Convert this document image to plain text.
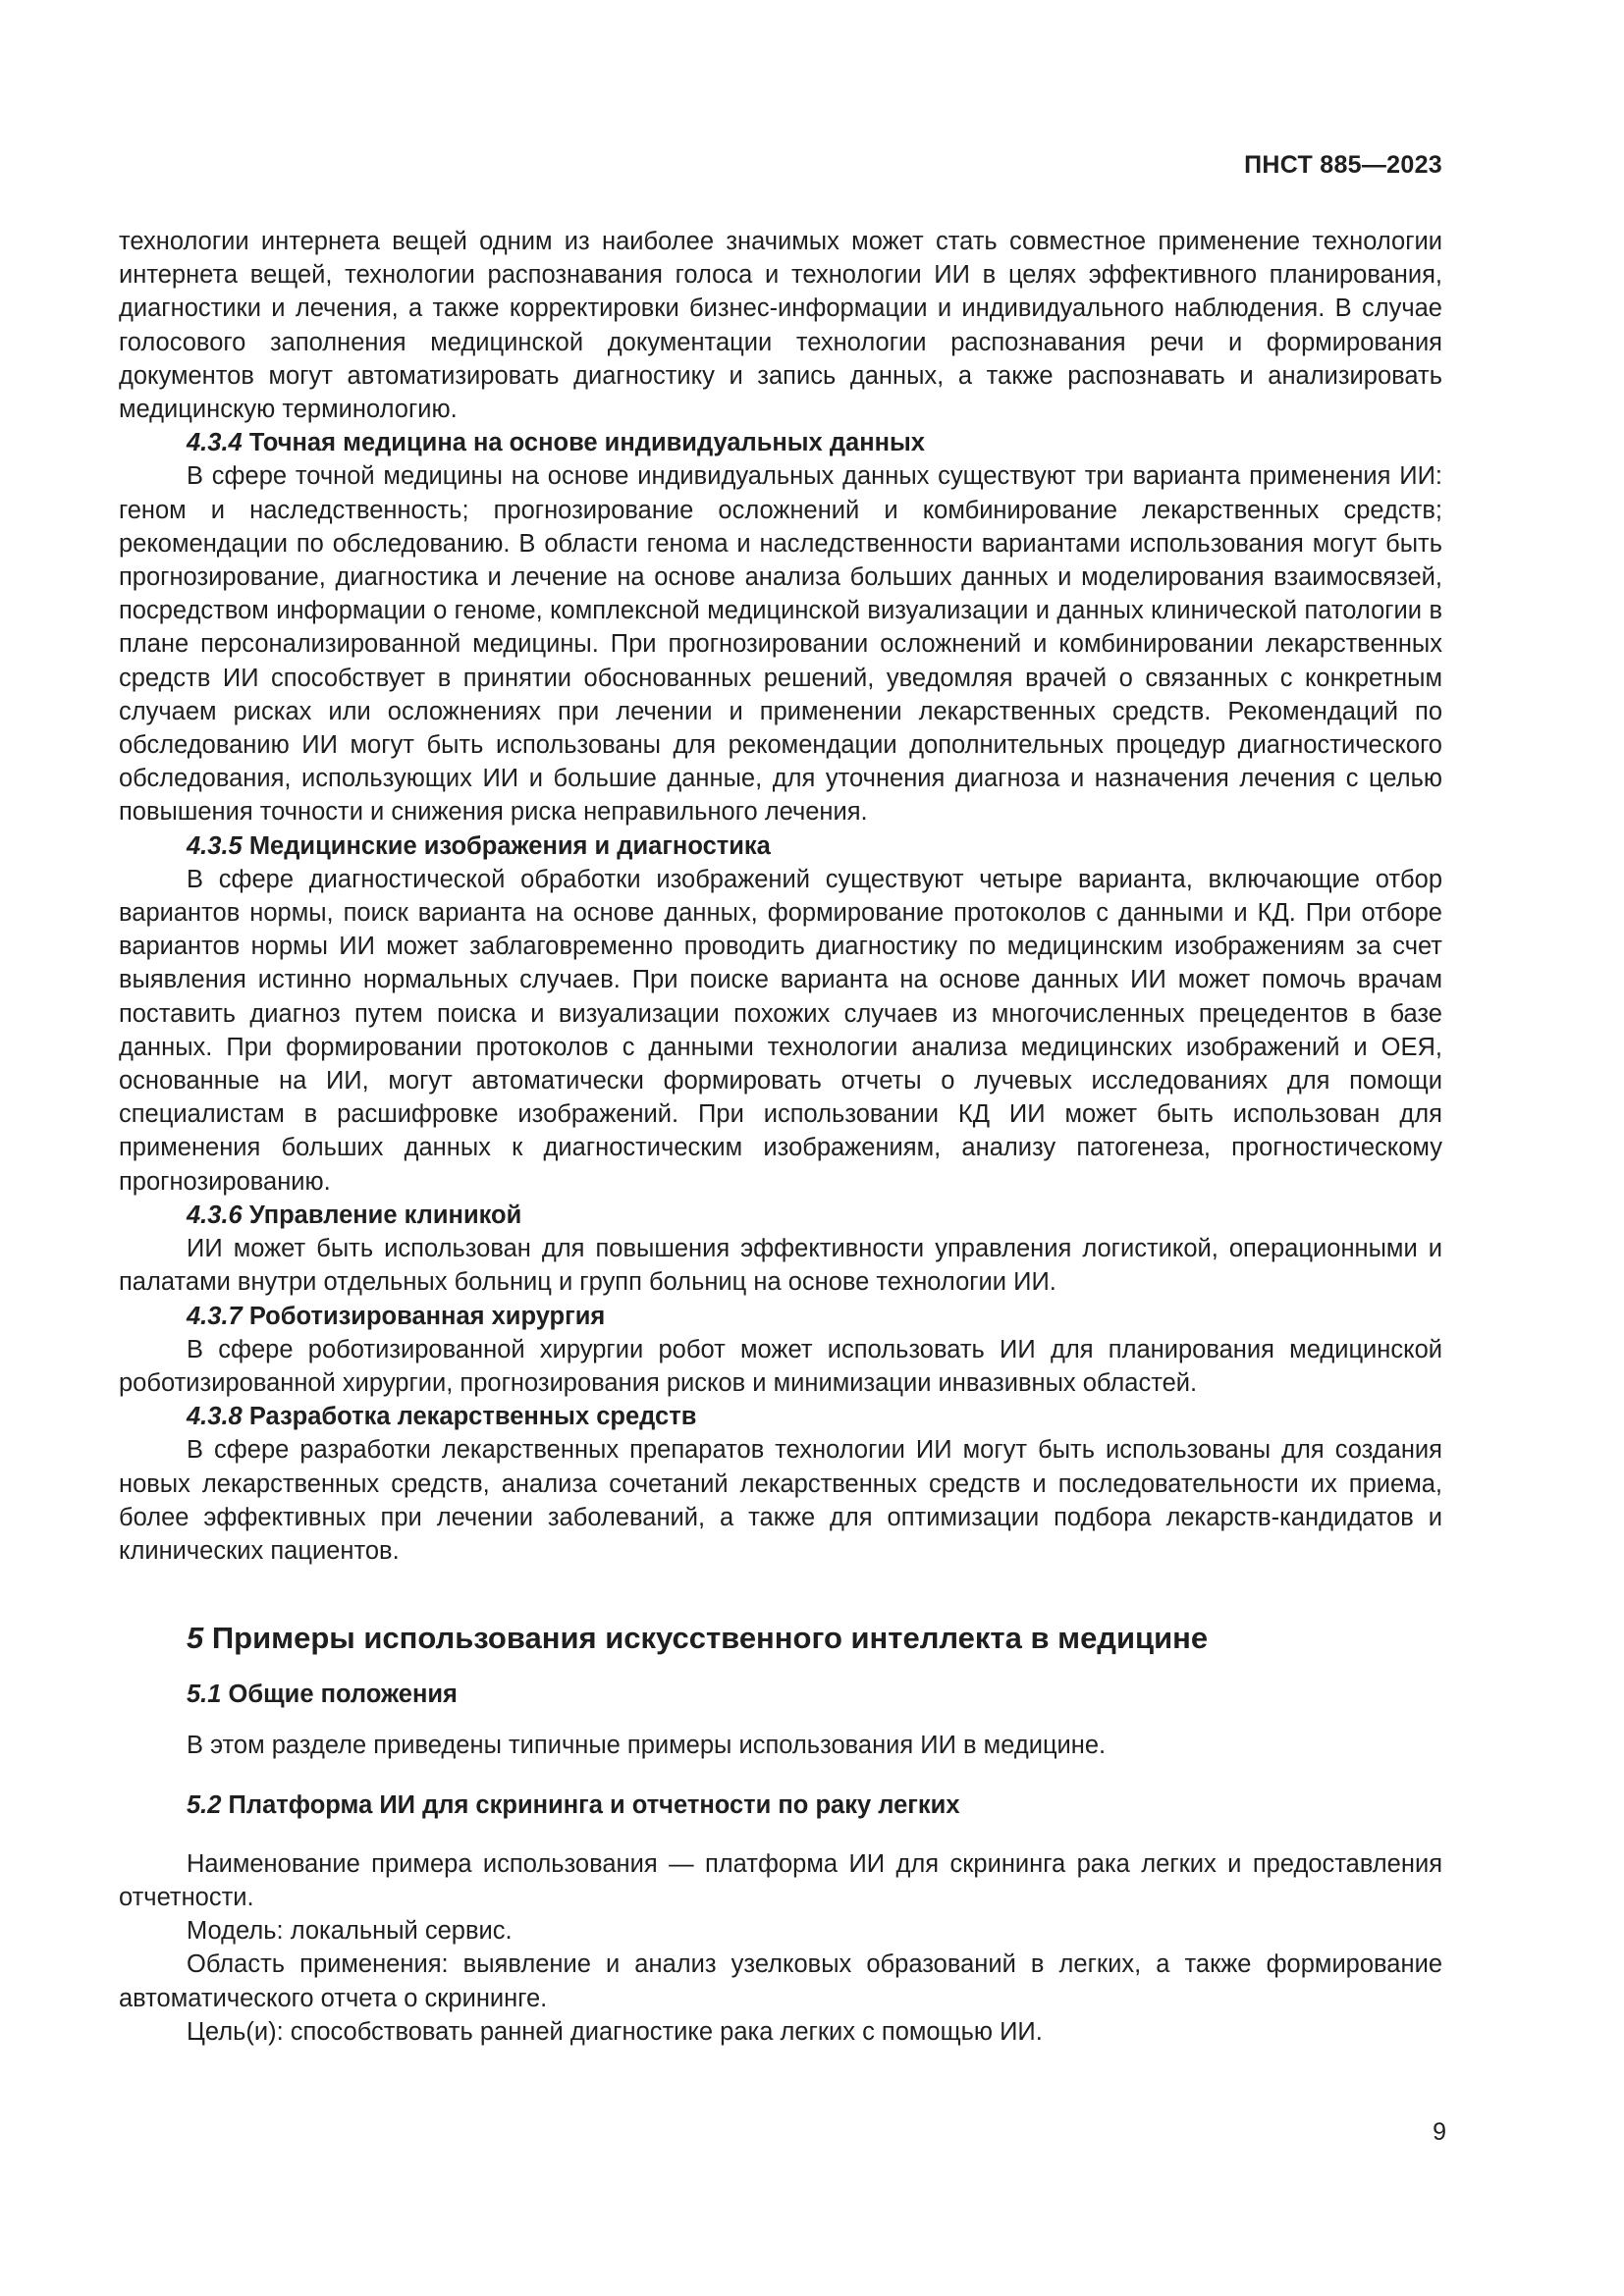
ПНСТ 885—2023

технологии интернета вещей одним из наиболее значимых может стать совместное применение технологии интернета вещей, технологии распознавания голоса и технологии ИИ в целях эффективного планирования, диагностики и лечения, а также корректировки бизнес-информации и индивидуального наблюдения. В случае голосового заполнения медицинской документации технологии распознавания речи и формирования документов могут автоматизировать диагностику и запись данных, а также распознавать и анализировать медицинскую терминологию.

4.3.4 Точная медицина на основе индивидуальных данных

В сфере точной медицины на основе индивидуальных данных существуют три варианта применения ИИ: геном и наследственность; прогнозирование осложнений и комбинирование лекарственных средств; рекомендации по обследованию. В области генома и наследственности вариантами использования могут быть прогнозирование, диагностика и лечение на основе анализа больших данных и моделирования взаимосвязей, посредством информации о геноме, комплексной медицинской визуализации и данных клинической патологии в плане персонализированной медицины. При прогнозировании осложнений и комбинировании лекарственных средств ИИ способствует в принятии обоснованных решений, уведомляя врачей о связанных с конкретным случаем рисках или осложнениях при лечении и применении лекарственных средств. Рекомендаций по обследованию ИИ могут быть использованы для рекомендации дополнительных процедур диагностического обследования, использующих ИИ и большие данные, для уточнения диагноза и назначения лечения с целью повышения точности и снижения риска неправильного лечения.

4.3.5 Медицинские изображения и диагностика

В сфере диагностической обработки изображений существуют четыре варианта, включающие отбор вариантов нормы, поиск варианта на основе данных, формирование протоколов с данными и КД. При отборе вариантов нормы ИИ может заблаговременно проводить диагностику по медицинским изображениям за счет выявления истинно нормальных случаев. При поиске варианта на основе данных ИИ может помочь врачам поставить диагноз путем поиска и визуализации похожих случаев из многочисленных прецедентов в базе данных. При формировании протоколов с данными технологии анализа медицинских изображений и ОЕЯ, основанные на ИИ, могут автоматически формировать отчеты о лучевых исследованиях для помощи специалистам в расшифровке изображений. При использовании КД ИИ может быть использован для применения больших данных к диагностическим изображениям, анализу патогенеза, прогностическому прогнозированию.

4.3.6 Управление клиникой

ИИ может быть использован для повышения эффективности управления логистикой, операционными и палатами внутри отдельных больниц и групп больниц на основе технологии ИИ.

4.3.7 Роботизированная хирургия

В сфере роботизированной хирургии робот может использовать ИИ для планирования медицинской роботизированной хирургии, прогнозирования рисков и минимизации инвазивных областей.

4.3.8 Разработка лекарственных средств

В сфере разработки лекарственных препаратов технологии ИИ могут быть использованы для создания новых лекарственных средств, анализа сочетаний лекарственных средств и последовательности их приема, более эффективных при лечении заболеваний, а также для оптимизации подбора лекарств-кандидатов и клинических пациентов.

5 Примеры использования искусственного интеллекта в медицине
5.1 Общие положения

В этом разделе приведены типичные примеры использования ИИ в медицине.

5.2 Платформа ИИ для скрининга и отчетности по раку легких

Наименование примера использования — платформа ИИ для скрининга рака легких и предоставления отчетности.

Модель: локальный сервис.

Область применения: выявление и анализ узелковых образований в легких, а также формирование автоматического отчета о скрининге.

Цель(и): способствовать ранней диагностике рака легких с помощью ИИ.

9
